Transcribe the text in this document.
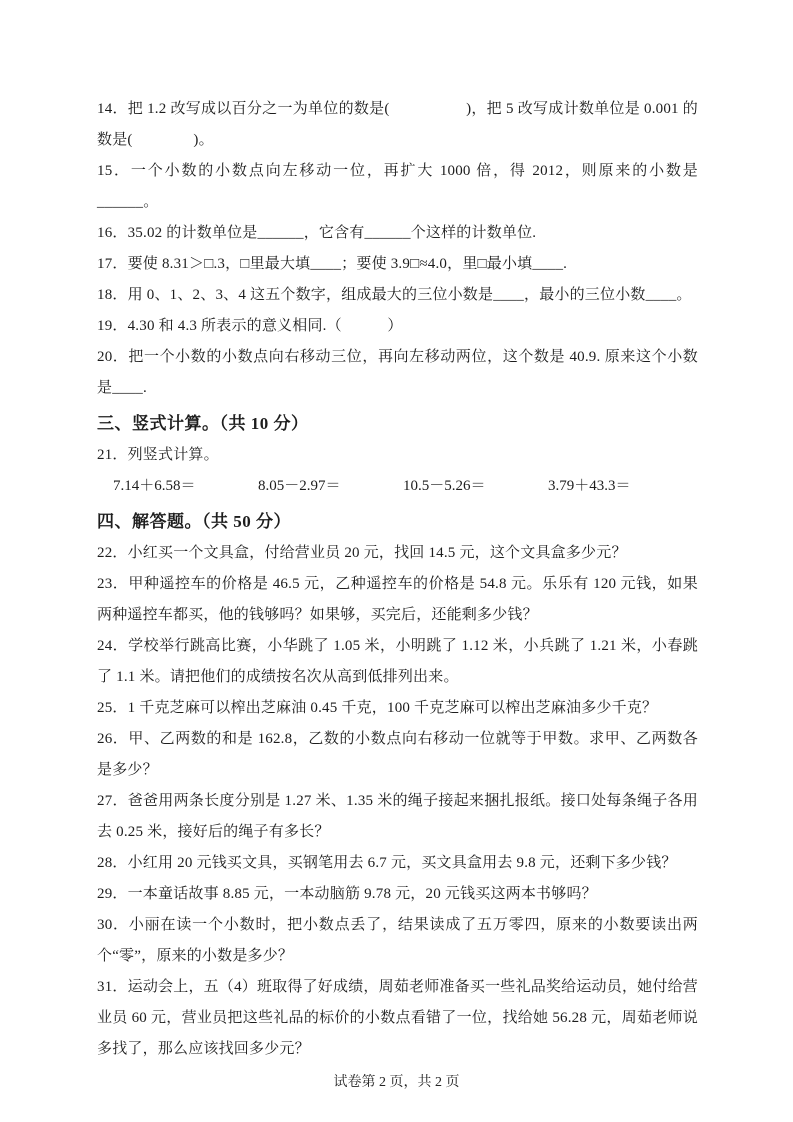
14．把 1.2 改写成以百分之一为单位的数是(　　　　　)，把 5 改写成计数单位是 0.001 的数是(　　　　)。

15．一个小数的小数点向左移动一位，再扩大 1000 倍，得 2012，则原来的小数是______。

16．35.02 的计数单位是______，它含有______个这样的计数单位.

17．要使 8.31＞□.3，□里最大填____；要使 3.9□≈4.0，里□最小填____.

18．用 0、1、2、3、4 这五个数字，组成最大的三位小数是____，最小的三位小数____。

19．4.30 和 4.3 所表示的意义相同.（　　　）

20．把一个小数的小数点向右移动三位，再向左移动两位，这个数是 40.9. 原来这个小数是____.

三、竖式计算。（共 10 分）

21．列竖式计算。

7.14＋6.58＝	8.05－2.97＝	10.5－5.26＝	3.79＋43.3＝
四、解答题。（共 50 分）

22．小红买一个文具盒，付给营业员 20 元，找回 14.5 元，这个文具盒多少元？

23．甲种遥控车的价格是 46.5 元，乙种遥控车的价格是 54.8 元。乐乐有 120 元钱，如果两种遥控车都买，他的钱够吗？如果够，买完后，还能剩多少钱？

24．学校举行跳高比赛，小华跳了 1.05 米，小明跳了 1.12 米，小兵跳了 1.21 米，小春跳了 1.1 米。请把他们的成绩按名次从高到低排列出来。

25．1 千克芝麻可以榨出芝麻油 0.45 千克，100 千克芝麻可以榨出芝麻油多少千克？

26．甲、乙两数的和是 162.8，乙数的小数点向右移动一位就等于甲数。求甲、乙两数各是多少？

27．爸爸用两条长度分别是 1.27 米、1.35 米的绳子接起来捆扎报纸。接口处每条绳子各用去 0.25 米，接好后的绳子有多长？

28．小红用 20 元钱买文具，买钢笔用去 6.7 元，买文具盒用去 9.8 元，还剩下多少钱？

29．一本童话故事 8.85 元，一本动脑筋 9.78 元，20 元钱买这两本书够吗？

30．小丽在读一个小数时，把小数点丢了，结果读成了五万零四，原来的小数要读出两个“零”，原来的小数是多少？

31．运动会上，五（4）班取得了好成绩，周茹老师准备买一些礼品奖给运动员，她付给营业员 60 元，营业员把这些礼品的标价的小数点看错了一位，找给她 56.28 元，周茹老师说多找了，那么应该找回多少元？

试卷第 2 页，共 2 页
